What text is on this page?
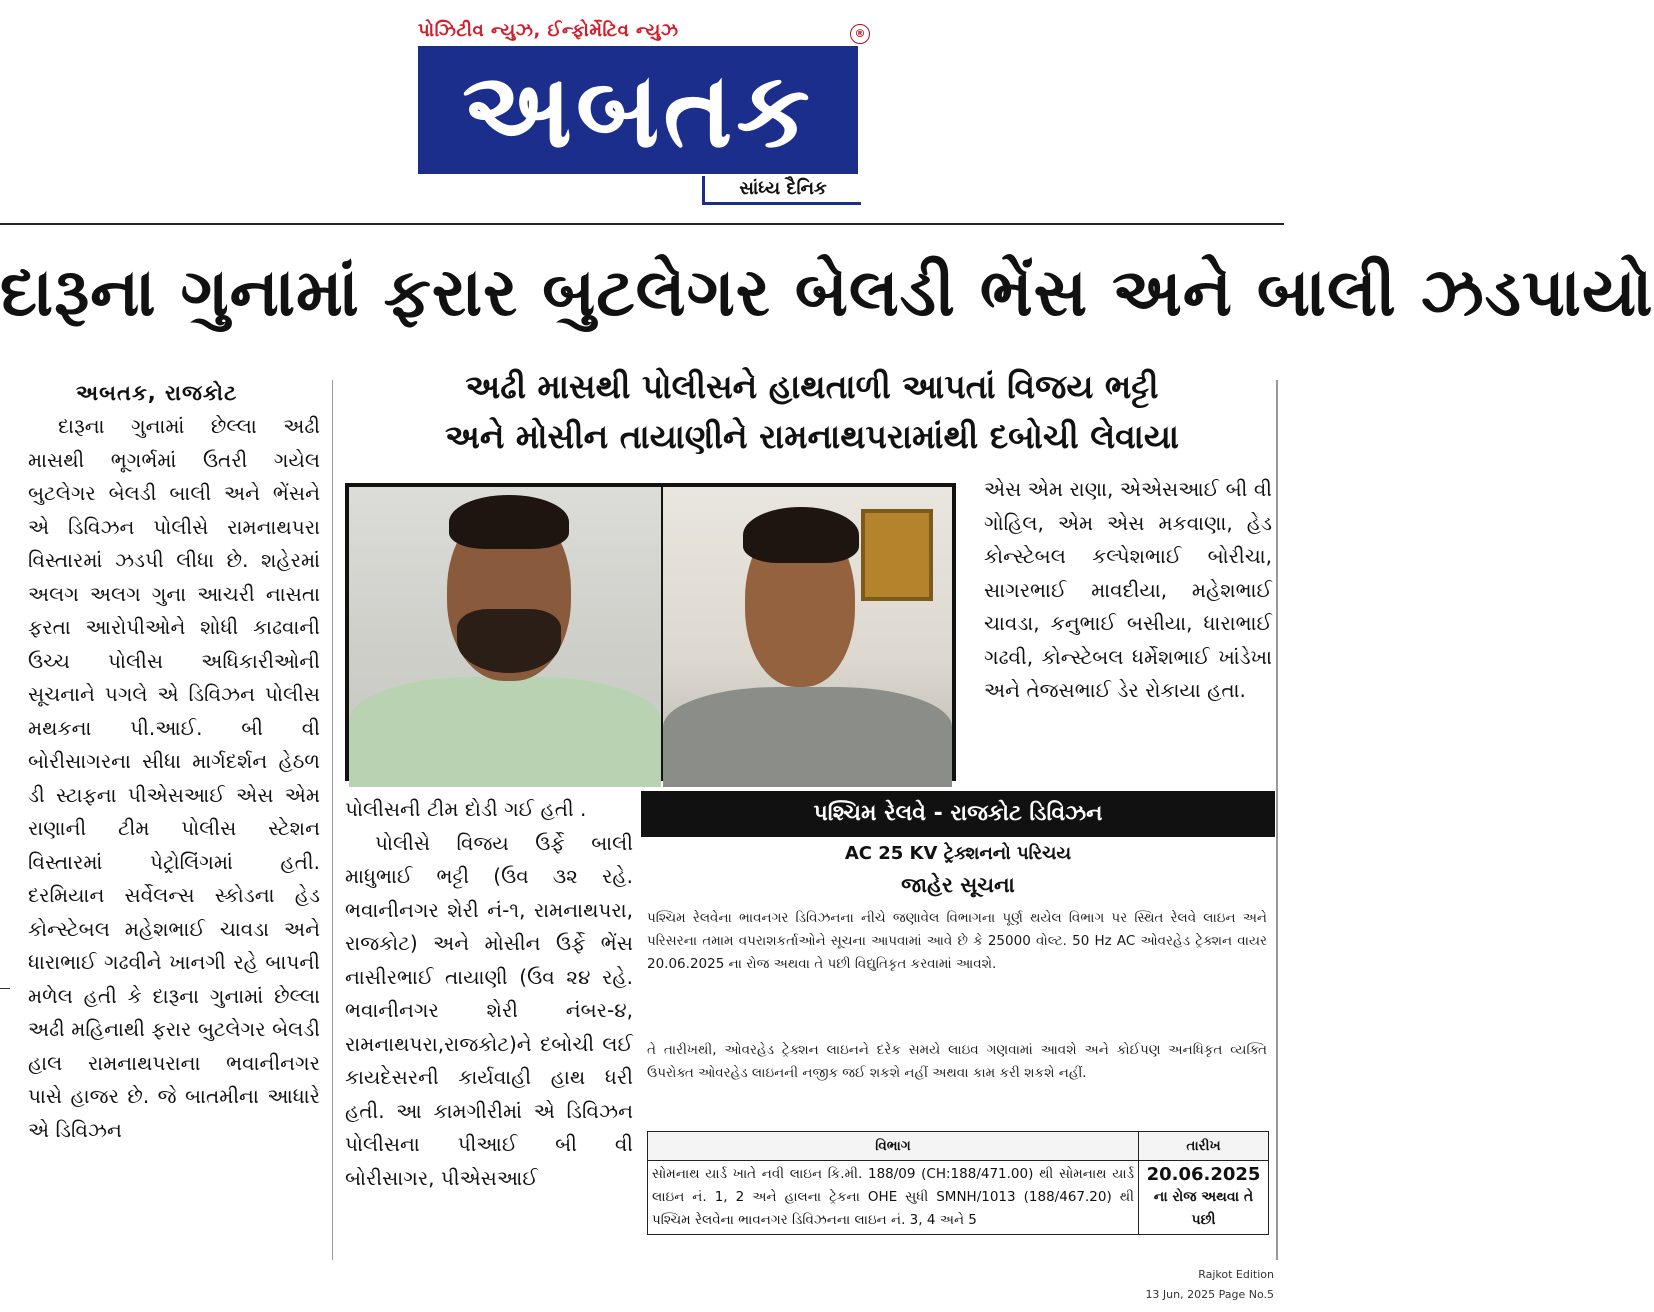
પોઝિટીવ ન્યુઝ, ઈન્ફોર્મેટિવ ન્યુઝ	®
અબતક
સાંધ્ય દૈનિક
દારૂના ગુનામાં ફરાર બુટલેગર બેલડી ભેંસ અને બાલી ઝડપાયો
અઢી માસથી પોલીસને હાથતાળી આપતાં વિજય ભટ્ટી
અને મોસીન તાયાણીને રામનાથપરામાંથી દબોચી લેવાયા
અબતક, રાજકોટ

દારૂના ગુનામાં છેલ્લા અઢી માસથી ભૂગર્ભમાં ઉતરી ગયેલ બુટલેગર બેલડી બાલી અને ભેંસને એ ડિવિઝન પોલીસે રામનાથપરા વિસ્તારમાં ઝડપી લીધા છે. શહેરમાં અલગ અલગ ગુના આચરી નાસતા ફરતા આરોપીઓને શોધી કાઢવાની ઉચ્ચ પોલીસ અધિકારીઓની સૂચનાને પગલે એ ડિવિઝન પોલીસ મથકના પી.આઈ. બી વી બોરીસાગરના સીધા માર્ગદર્શન હેઠળ ડી સ્ટાફના પીએસઆઈ એસ એમ રાણાની ટીમ પોલીસ સ્ટેશન વિસ્તારમાં પેટ્રોલિંગમાં હતી. દરમિયાન સર્વેલન્સ સ્કોડના હેડ કોન્સ્ટેબલ મહેશભાઈ ચાવડા અને ધારાભાઈ ગઢવીને ખાનગી રહે બાપની મળેલ હતી કે દારૂના ગુનામાં છેલ્લા અઢી મહિનાથી ફરાર બુટલેગર બેલડી હાલ રામનાથપરાના ભવાનીનગર પાસે હાજર છે. જે બાતમીના આધારે એ ડિવિઝન

પોલીસની ટીમ દોડી ગઈ હતી .

પોલીસે વિજય ઉર્ફે બાલી માધુભાઈ ભટ્ટી (ઉવ ૩૨ રહે. ભવાનીનગર શેરી નં-૧, રામનાથપરા, રાજકોટ) અને મોસીન ઉર્ફે ભેંસ નાસીરભાઈ તાયાણી (ઉવ ૨૪ રહે. ભવાનીનગર શેરી નંબર-૪, રામનાથપરા,રાજકોટ)ને દબોચી લઈ કાયદેસરની કાર્યવાહી હાથ ધરી હતી. આ કામગીરીમાં એ ડિવિઝન પોલીસના પીઆઈ બી વી બોરીસાગર, પીએસઆઈ

એસ એમ રાણા, એએસઆઈ બી વી ગોહિલ, એમ એસ મકવાણા, હેડ કોન્સ્ટેબલ કલ્પેશભાઈ બોરીચા, સાગરભાઈ માવદીયા, મહેશભાઈ ચાવડા, કનુભાઈ બસીયા, ધારાભાઈ ગઢવી, કોન્સ્ટેબલ ધર્મેશભાઈ ખાંડેખા અને તેજસભાઈ ડેર રોકાયા હતા.
પશ્ચિમ રેલવે - રાજકોટ ડિવિઝન
AC 25 KV ટ્રેક્શનનો પરિચય
જાહેર સૂચના
પશ્ચિમ રેલવેના ભાવનગર ડિવિઝનના નીચે જણાવેલ વિભાગના પૂર્ણ થયેલ વિભાગ પર સ્થિત રેલવે લાઇન અને પરિસરના તમામ વપરાશકર્તાઓને સૂચના આપવામાં આવે છે કે 25000 વોલ્ટ. 50 Hz AC ઓવરહેડ ટ્રેક્શન વાયર 20.06.2025 ના રોજ અથવા તે પછી વિદ્યુતિકૃત કરવામાં આવશે.
તે તારીખથી, ઓવરહેડ ટ્રેક્શન લાઇનને દરેક સમયે લાઇવ ગણવામાં આવશે અને કોઈપણ અનધિકૃત વ્યક્તિ ઉપરોક્ત ઓવરહેડ લાઇનની નજીક જઈ શકશે નહીં અથવા કામ કરી શકશે નહીં.
વિભાગ	તારીખ
સોમનાથ યાર્ડ ખાતે નવી લાઇન કિ.મી. 188/09 (CH:188/471.00) થી સોમનાથ યાર્ડ લાઇન નં. 1, 2 અને હાલના ટ્રેકના OHE સુધી SMNH/1013 (188/467.20) થી પશ્ચિમ રેલવેના ભાવનગર ડિવિઝનના લાઇન નં. 3, 4 અને 5	20.06.2025
ના રોજ અથવા તે પછી
Rajkot Edition
13 Jun, 2025 Page No.5
